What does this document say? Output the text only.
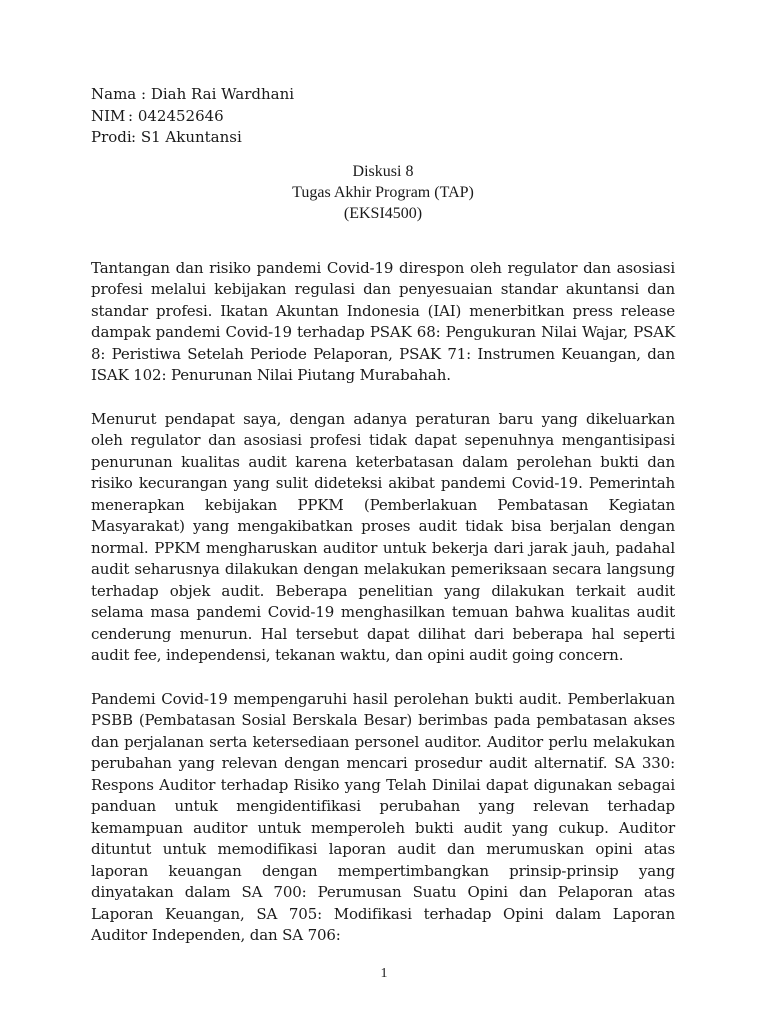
Nama : Diah Rai Wardhani
NIM : 042452646
Prodi : S1 Akuntansi
Diskusi 8
Tugas Akhir Program (TAP)
(EKSI4500)

Tantangan dan risiko pandemi Covid-19 direspon oleh regulator dan asosiasi profesi melalui kebijakan regulasi dan penyesuaian standar akuntansi dan standar profesi. Ikatan Akuntan Indonesia (IAI) menerbitkan press release dampak pandemi Covid-19 terhadap PSAK 68: Pengukuran Nilai Wajar, PSAK 8: Peristiwa Setelah Periode Pelaporan, PSAK 71: Instrumen Keuangan, dan ISAK 102: Penurunan Nilai Piutang Murabahah.

Menurut pendapat saya, dengan adanya peraturan baru yang dikeluarkan oleh regulator dan asosiasi profesi tidak dapat sepenuhnya mengantisipasi penurunan kualitas audit karena keterbatasan dalam perolehan bukti dan risiko kecurangan yang sulit dideteksi akibat pandemi Covid-19. Pemerintah menerapkan kebijakan PPKM (Pemberlakuan Pembatasan Kegiatan Masyarakat) yang mengakibatkan proses audit tidak bisa berjalan dengan normal. PPKM mengharuskan auditor untuk bekerja dari jarak jauh, padahal audit seharusnya dilakukan dengan melakukan pemeriksaan secara langsung terhadap objek audit. Beberapa penelitian yang dilakukan terkait audit selama masa pandemi Covid-19 menghasilkan temuan bahwa kualitas audit cenderung menurun. Hal tersebut dapat dilihat dari beberapa hal seperti audit fee, independensi, tekanan waktu, dan opini audit going concern.

Pandemi Covid-19 mempengaruhi hasil perolehan bukti audit. Pemberlakuan PSBB (Pembatasan Sosial Berskala Besar) berimbas pada pembatasan akses dan perjalanan serta ketersediaan personel auditor. Auditor perlu melakukan perubahan yang relevan dengan mencari prosedur audit alternatif. SA 330: Respons Auditor terhadap Risiko yang Telah Dinilai dapat digunakan sebagai panduan untuk mengidentifikasi perubahan yang relevan terhadap kemampuan auditor untuk memperoleh bukti audit yang cukup. Auditor dituntut untuk memodifikasi laporan audit dan merumuskan opini atas laporan keuangan dengan mempertimbangkan prinsip-prinsip yang dinyatakan dalam SA 700: Perumusan Suatu Opini dan Pelaporan atas Laporan Keuangan, SA 705: Modifikasi terhadap Opini dalam Laporan Auditor Independen, dan SA 706:

1
